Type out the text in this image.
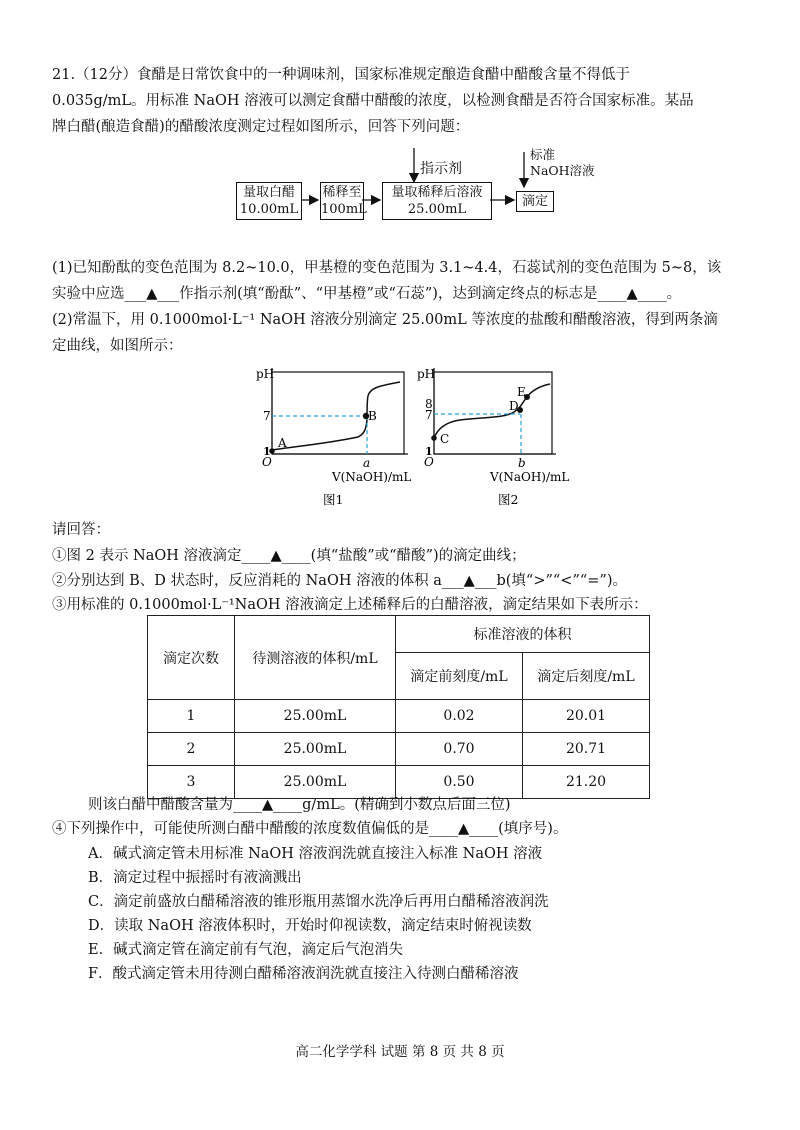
21.（12分）食醋是日常饮食中的一种调味剂，国家标准规定酿造食醋中醋酸含量不得低于
0.035g/mL。用标准 NaOH 溶液可以测定食醋中醋酸的浓度，以检测食醋是否符合国家标准。某品
牌白醋(酿造食醋)的醋酸浓度测定过程如图所示，回答下列问题：
量取白醋
10.00mL
稀释至
100mL
量取稀释后溶液
25.00mL
滴定
指示剂
标准
NaOH溶液
(1)已知酚酞的变色范围为 8.2~10.0，甲基橙的变色范围为 3.1~4.4，石蕊试剂的变色范围为 5~8，该
实验中应选___▲___作指示剂(填“酚酞”、“甲基橙”或“石蕊”)，达到滴定终点的标志是____▲____。
(2)常温下，用 0.1000mol·L⁻¹ NaOH 溶液分别滴定 25.00mL 等浓度的盐酸和醋酸溶液，得到两条滴
定曲线，如图所示：
pH
7
1
O
A
B
a
V(NaOH)/mL
图1
pH
8
7
1
O
C
D
E
b
V(NaOH)/mL
图2
请回答：
①图 2 表示 NaOH 溶液滴定____▲____(填“盐酸”或“醋酸”)的滴定曲线；
②分别达到 B、D 状态时，反应消耗的 NaOH 溶液的体积 a___▲___b(填“>”“<”“=”)。
③用标准的 0.1000mol·L⁻¹NaOH 溶液滴定上述稀释后的白醋溶液，滴定结果如下表所示：
滴定次数	待测溶液的体积/mL	标准溶液的体积	
		滴定前刻度/mL	滴定后刻度/mL
1	25.00mL	0.02	20.01
2	25.00mL	0.70	20.71
3	25.00mL	0.50	21.20
则该白醋中醋酸含量为____▲____g/mL。(精确到小数点后面三位)
④下列操作中，可能使所测白醋中醋酸的浓度数值偏低的是____▲____(填序号)。
A．碱式滴定管未用标准 NaOH 溶液润洗就直接注入标准 NaOH 溶液
B．滴定过程中振摇时有液滴溅出
C．滴定前盛放白醋稀溶液的锥形瓶用蒸馏水洗净后再用白醋稀溶液润洗
D．读取 NaOH 溶液体积时，开始时仰视读数，滴定结束时俯视读数
E．碱式滴定管在滴定前有气泡，滴定后气泡消失
F．酸式滴定管未用待测白醋稀溶液润洗就直接注入待测白醋稀溶液
高二化学学科 试题 第 8 页 共 8 页
